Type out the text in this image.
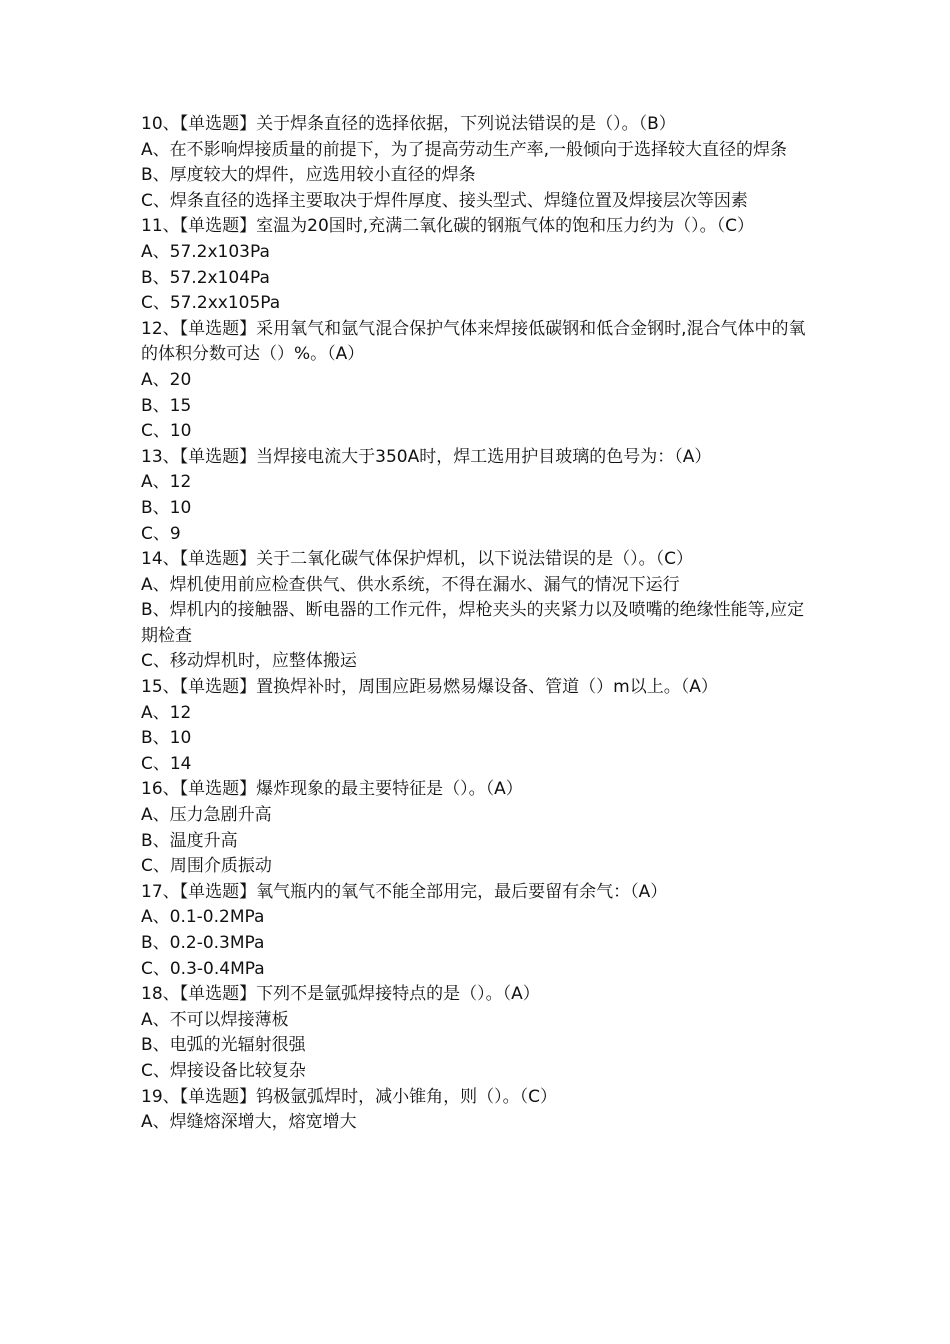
10、【单选题】关于焊条直径的选择依据，下列说法错误的是（）。（B）

A、在不影响焊接质量的前提下，为了提高劳动生产率,一般倾向于选择较大直径的焊条

B、厚度较大的焊件，应选用较小直径的焊条

C、焊条直径的选择主要取决于焊件厚度、接头型式、焊缝位置及焊接层次等因素

11、【单选题】室温为20国时,充满二氧化碳的钢瓶气体的饱和压力约为（）。（C）

A、57.2x103Pa

B、57.2x104Pa

C、57.2xx105Pa

12、【单选题】采用氧气和氩气混合保护气体来焊接低碳钢和低合金钢时,混合气体中的氧的体积分数可达（）%。（A）

A、20

B、15

C、10

13、【单选题】当焊接电流大于350A时，焊工选用护目玻璃的色号为：（A）

A、12

B、10

C、9

14、【单选题】关于二氧化碳气体保护焊机，以下说法错误的是（）。（C）

A、焊机使用前应检查供气、供水系统，不得在漏水、漏气的情况下运行

B、焊机内的接触器、断电器的工作元件，焊枪夹头的夹紧力以及喷嘴的绝缘性能等,应定期检查

C、移动焊机时，应整体搬运

15、【单选题】置换焊补时，周围应距易燃易爆设备、管道（）m以上。（A）

A、12

B、10

C、14

16、【单选题】爆炸现象的最主要特征是（）。（A）

A、压力急剧升高

B、温度升高

C、周围介质振动

17、【单选题】氧气瓶内的氧气不能全部用完，最后要留有余气：（A）

A、0.1-0.2MPa

B、0.2-0.3MPa

C、0.3-0.4MPa

18、【单选题】下列不是氩弧焊接特点的是（）。（A）

A、不可以焊接薄板

B、电弧的光辐射很强

C、焊接设备比较复杂

19、【单选题】钨极氩弧焊时，减小锥角，则（）。（C）

A、焊缝熔深增大，熔宽增大
